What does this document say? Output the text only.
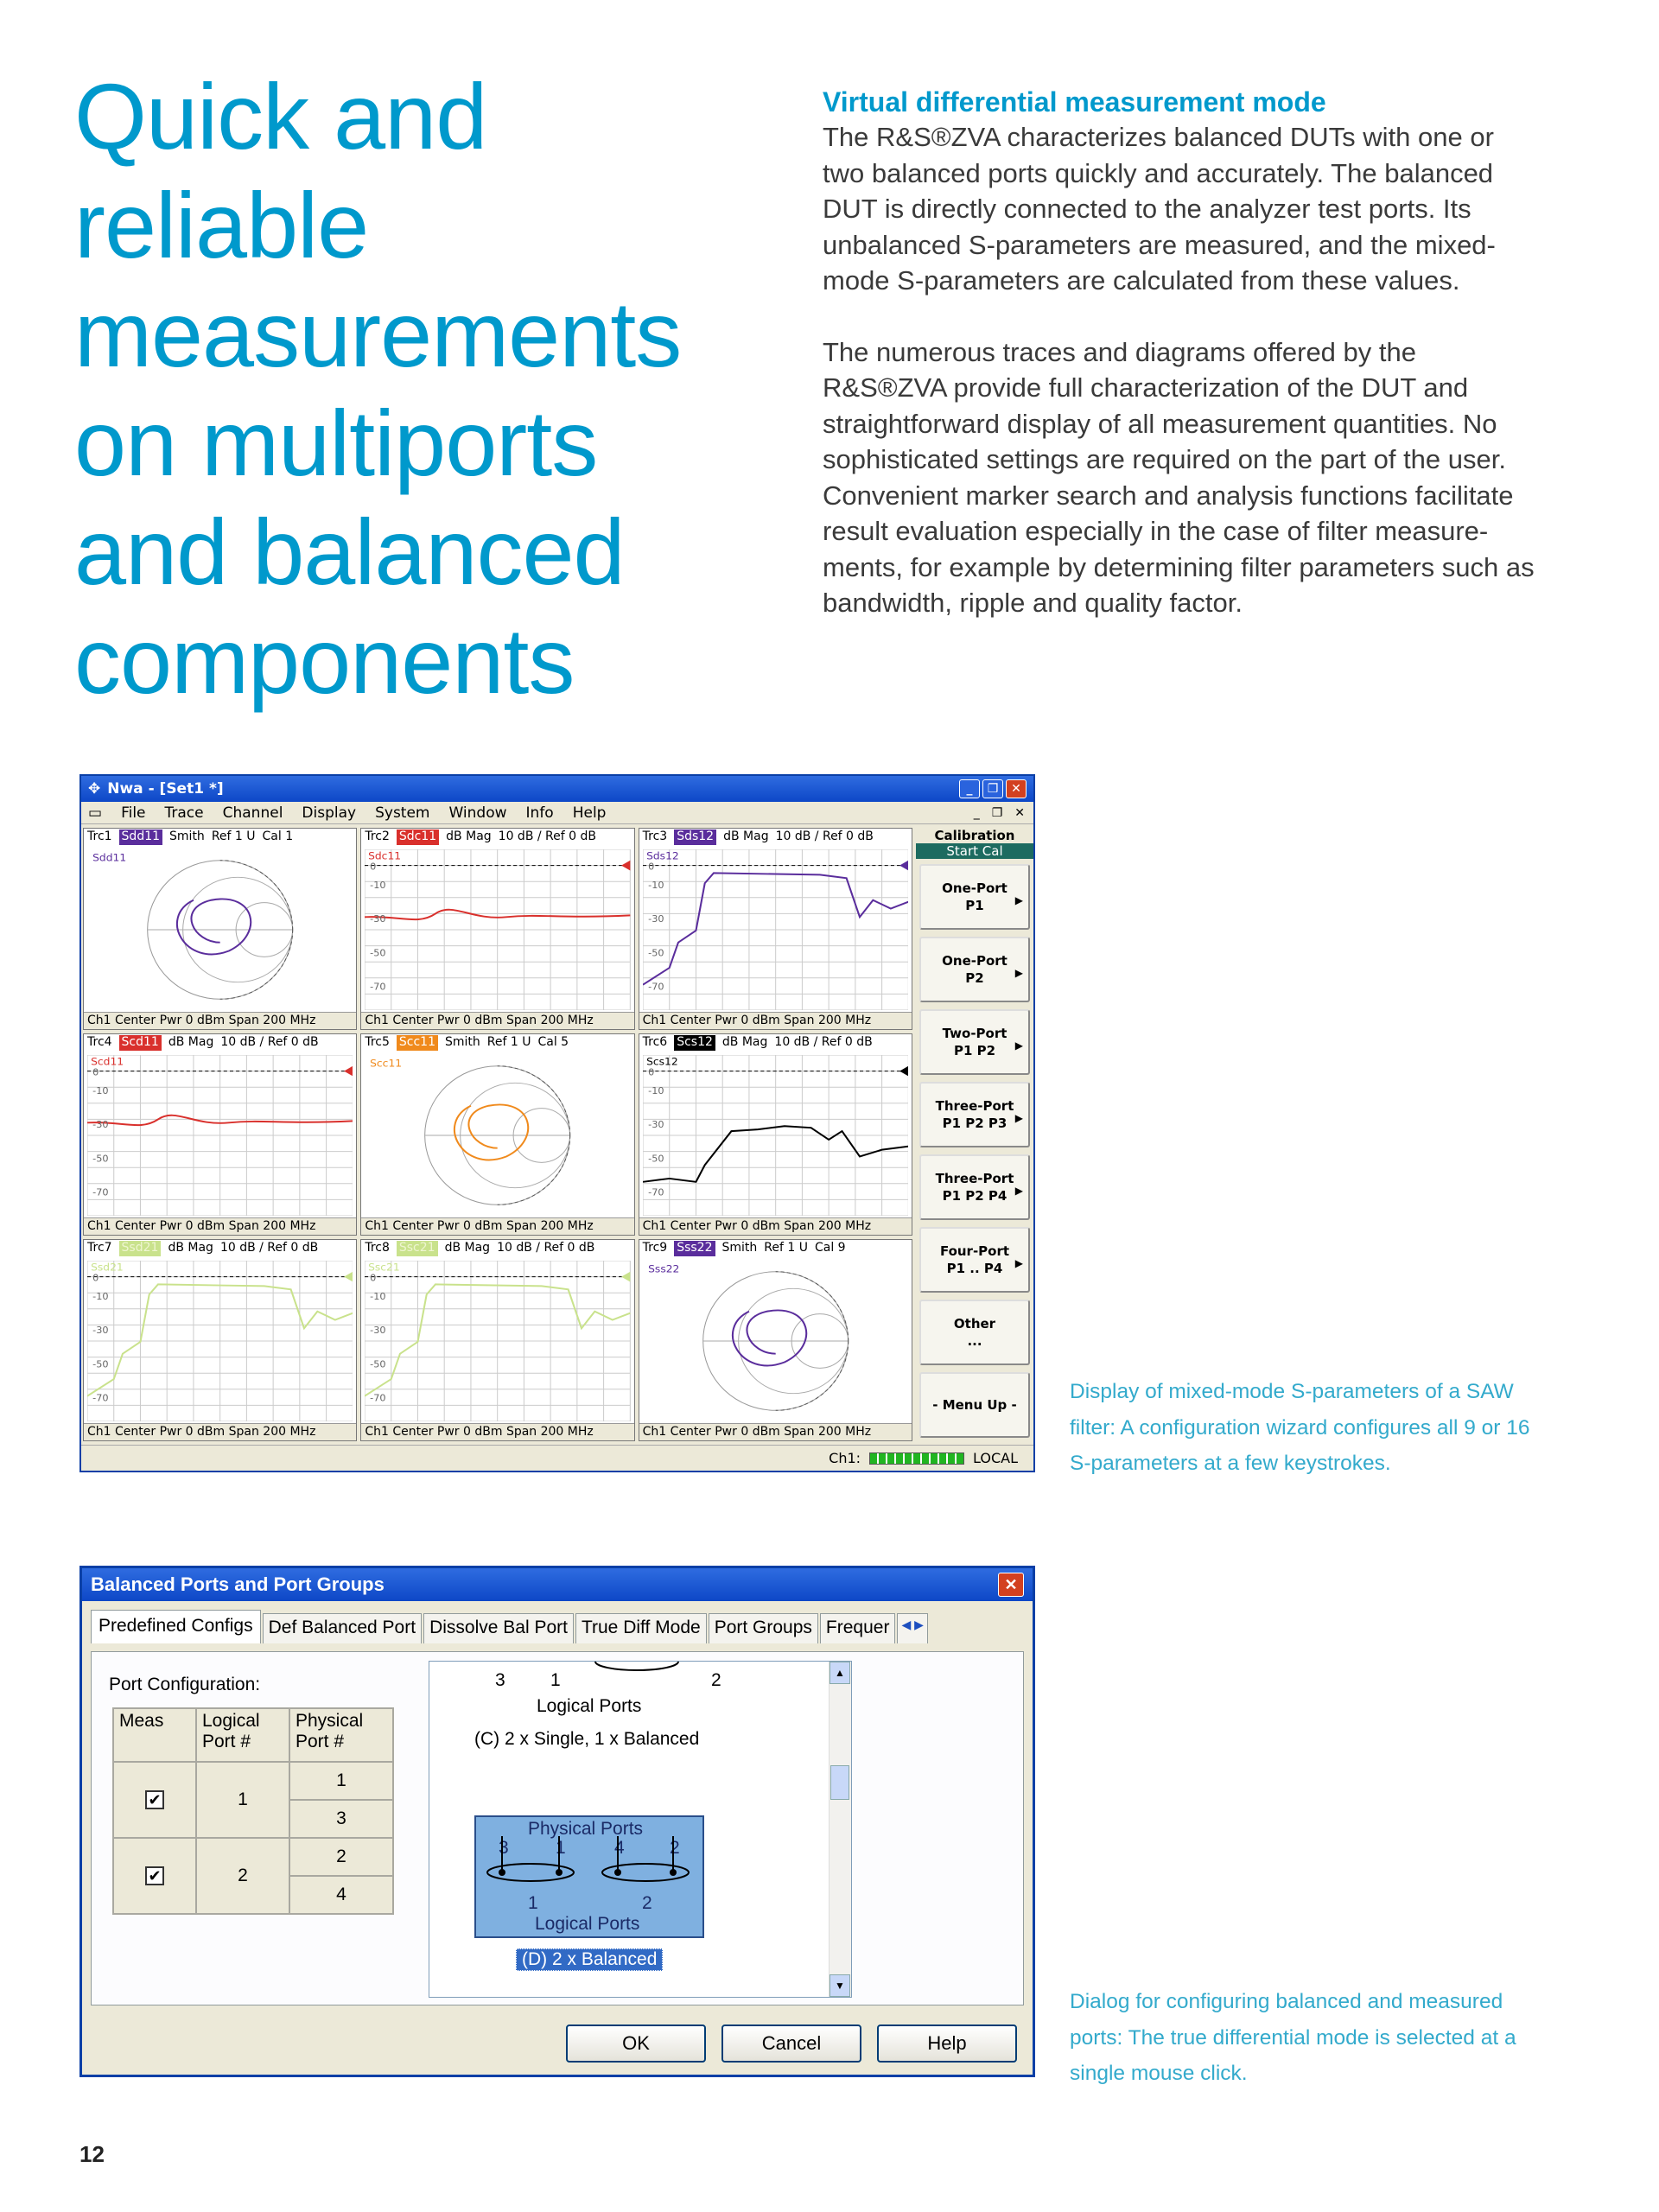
Quick and reliable
measurements
on multiports
and balanced
components
Virtual differential measurement mode

The R&S®ZVA characterizes balanced DUTs with one or two balanced ports quickly and accurately. The balanced DUT is directly connected to the analyzer test ports. Its unbalanced S-parameters are measured, and the mixed-mode S-parameters are calculated from these values.

The numerous traces and diagrams offered by the R&S®ZVA provide full characterization of the DUT and straightforward display of all measurement quantities. No sophisticated settings are required on the part of the user. Convenient marker search and analysis functions facilitate result evaluation especially in the case of filter measure-ments, for example by determining filter parameters such as bandwidth, ripple and quality factor.

✥ Nwa - [Set1 *]	_	❐	✕
▭ File Trace Channel Display System Window Info Help	_ ❐ ✕
Trc1 Sdd11 Smith Ref 1 U Cal 1
Sdd11
Ch1 Center Pwr 0 dBm Span 200 MHz
Trc2 Sdc11 dB Mag 10 dB / Ref 0 dB
Sdc11
0
-10
-30
-50
-70
Ch1 Center Pwr 0 dBm Span 200 MHz
Trc3 Sds12 dB Mag 10 dB / Ref 0 dB
Sds12
0
-10
-30
-50
-70
Ch1 Center Pwr 0 dBm Span 200 MHz
Trc4 Scd11 dB Mag 10 dB / Ref 0 dB
Scd11
0
-10
-30
-50
-70
Ch1 Center Pwr 0 dBm Span 200 MHz
Trc5 Scc11 Smith Ref 1 U Cal 5
Scc11
Ch1 Center Pwr 0 dBm Span 200 MHz
Trc6 Scs12 dB Mag 10 dB / Ref 0 dB
Scs12
0
-10
-30
-50
-70
Ch1 Center Pwr 0 dBm Span 200 MHz
Trc7 Ssd21 dB Mag 10 dB / Ref 0 dB
Ssd21
0
-10
-30
-50
-70
Ch1 Center Pwr 0 dBm Span 200 MHz
Trc8 Ssc21 dB Mag 10 dB / Ref 0 dB
Ssc21
0
-10
-30
-50
-70
Ch1 Center Pwr 0 dBm Span 200 MHz
Trc9 Sss22 Smith Ref 1 U Cal 9
Sss22
Ch1 Center Pwr 0 dBm Span 200 MHz
Calibration
Start Cal
One-Port
P1	▶
One-Port
P2	▶
Two-Port
P1 P2	▶
Three-Port
P1 P2 P3 ▶
Three-Port
P1 P2 P4 ▶
Four-Port
P1 .. P4	▶
Other
...
- Menu Up -
Ch1:	LOCAL
Display of mixed-mode S-parameters of a SAW filter: A configuration wizard configures all 9 or 16 S-parameters at a few keystrokes.
Balanced Ports and Port Groups	✕
Predefined Configs Def Balanced Port Dissolve Bal Port True Diff Mode Port Groups Frequer	◀ ▶
Port Configuration:
Meas	Logical Port #	Physical Port #
✔	1	1
		3
✔	2	2
		4
3 1	2
Logical Ports
(C) 2 x Single, 1 x Balanced
Physical Ports
3	1	4 2
1	2
Logical Ports
(D) 2 x Balanced
▲
▼
OK	Cancel	Help
Dialog for configuring balanced and measured ports: The true differential mode is selected at a single mouse click.
12
